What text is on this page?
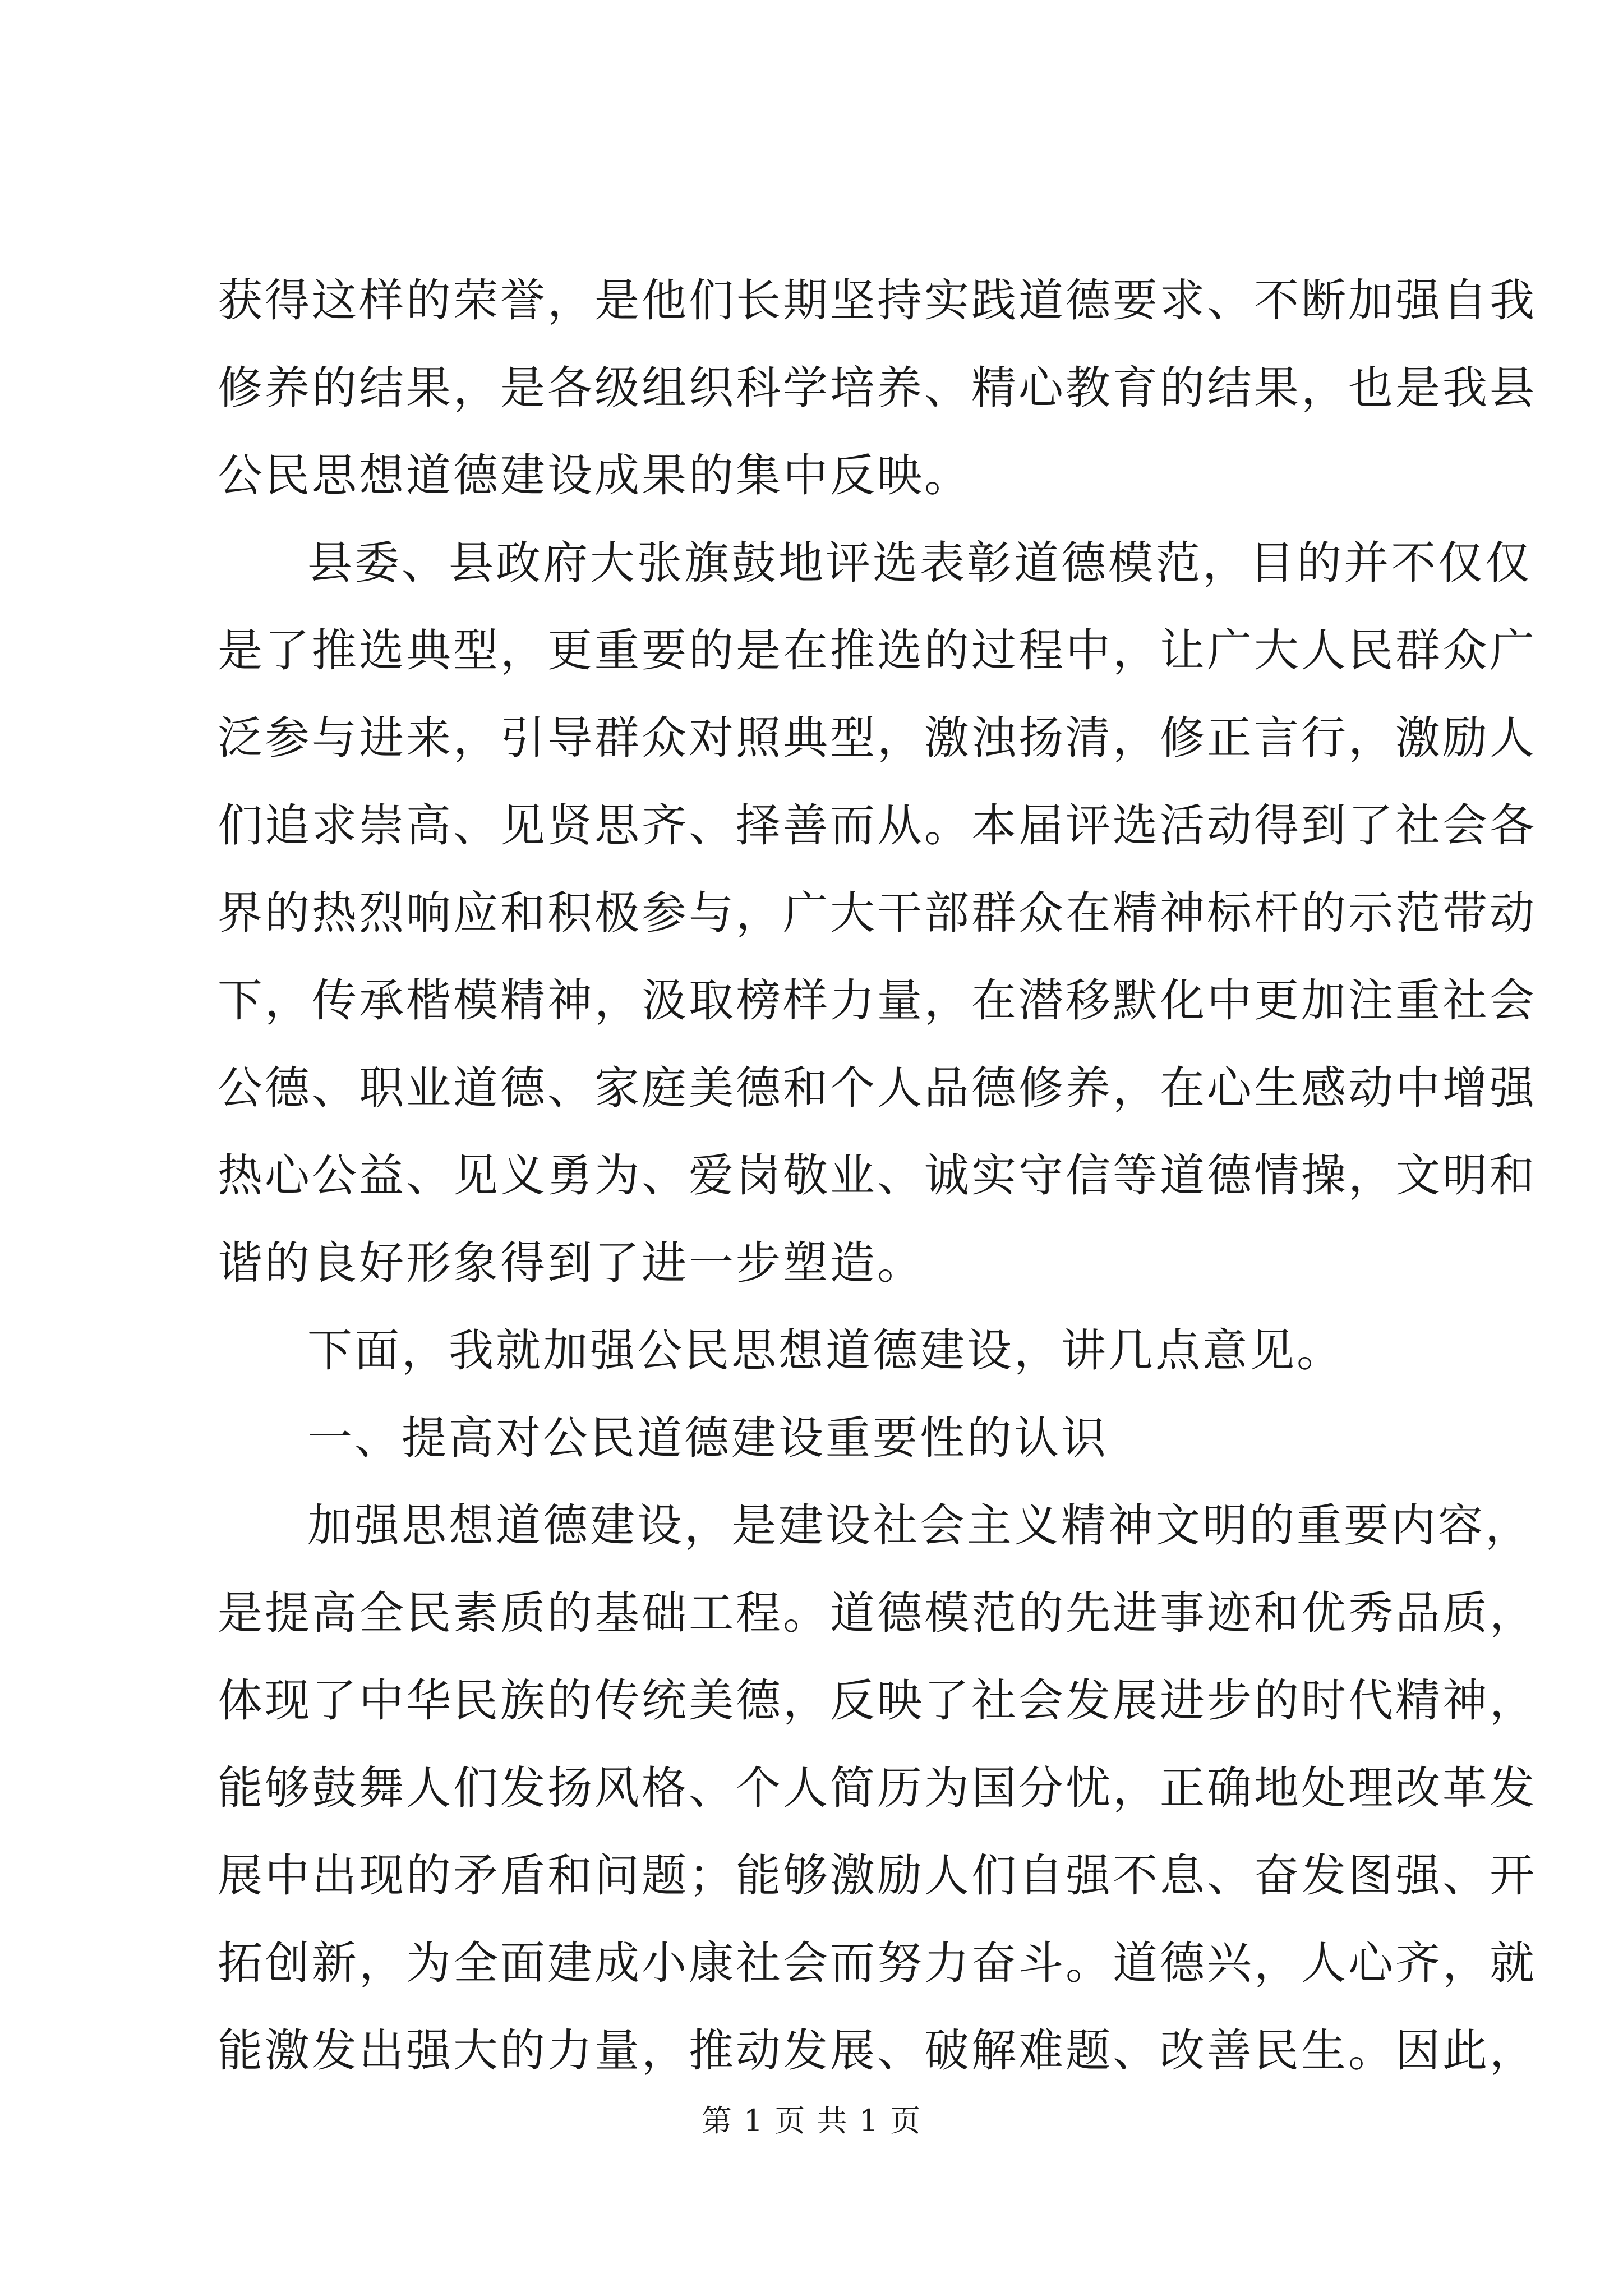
获得这样的荣誉，是他们长期坚持实践道德要求、不断加强自我
修养的结果，是各级组织科学培养、精心教育的结果，也是我县
公民思想道德建设成果的集中反映。
县委、县政府大张旗鼓地评选表彰道德模范，目的并不仅仅
是了推选典型，更重要的是在推选的过程中，让广大人民群众广
泛参与进来，引导群众对照典型，激浊扬清，修正言行，激励人
们追求崇高、见贤思齐、择善而从。本届评选活动得到了社会各
界的热烈响应和积极参与，广大干部群众在精神标杆的示范带动
下，传承楷模精神，汲取榜样力量，在潜移默化中更加注重社会
公德、职业道德、家庭美德和个人品德修养，在心生感动中增强
热心公益、见义勇为、爱岗敬业、诚实守信等道德情操，文明和
谐的良好形象得到了进一步塑造。
下面，我就加强公民思想道德建设，讲几点意见。
一、提高对公民道德建设重要性的认识
加强思想道德建设，是建设社会主义精神文明的重要内容，
是提高全民素质的基础工程。道德模范的先进事迹和优秀品质，
体现了中华民族的传统美德，反映了社会发展进步的时代精神，
能够鼓舞人们发扬风格、个人简历为国分忧，正确地处理改革发
展中出现的矛盾和问题；能够激励人们自强不息、奋发图强、开
拓创新，为全面建成小康社会而努力奋斗。道德兴，人心齐，就
能激发出强大的力量，推动发展、破解难题、改善民生。因此，
第 1 页 共 1 页
